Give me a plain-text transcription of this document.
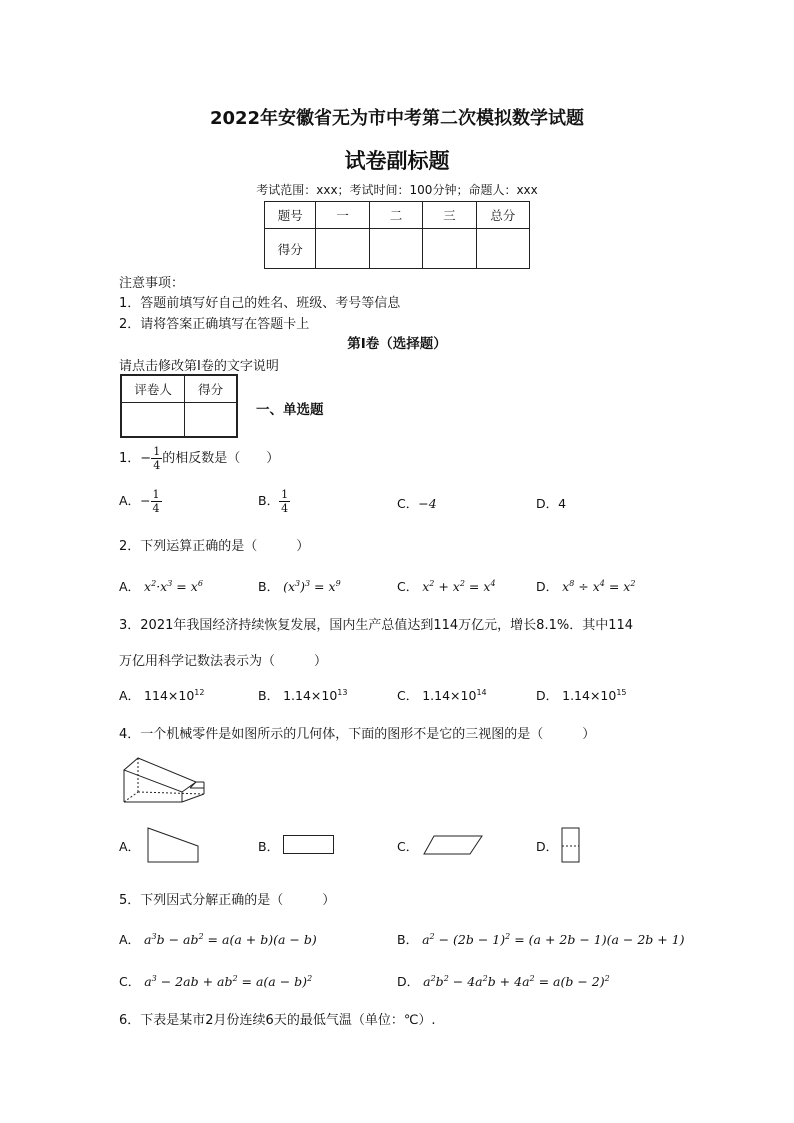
2022年安徽省无为市中考第二次模拟数学试题
试卷副标题
考试范围：xxx；考试时间：100分钟；命题人：xxx
题号	一	二	三	总分
得分				
注意事项：
1．答题前填写好自己的姓名、班级、考号等信息
2．请将答案正确填写在答题卡上
第I卷（选择题）
请点击修改第I卷的文字说明
评卷人	得分

一、单选题
1．− $\frac{1}{4}$ 的相反数是（　　）
A．− $\frac{1}{4}$	B． $\frac{1}{4}$	C．−4	D．4
2．下列运算正确的是（　　　）
A． $x^2\cdot x^3 = x^6$	B． $(x^3)^3 = x^9$	C． $x^2 + x^2 = x^4$	D． $x^8 \div x^4 = x^2$
3．2021年我国经济持续恢复发展，国内生产总值达到114万亿元，增长8.1%．其中114
万亿用科学记数法表示为（　　　）
A． $114\times 10^{12}$	B． $1.14\times 10^{13}$	C． $1.14\times 10^{14}$	D． $1.14\times 10^{15}$
4．一个机械零件是如图所示的几何体，下面的图形不是它的三视图的是（　　　）
A．	B．	C．	D．
5．下列因式分解正确的是（　　　）
A． $a^3b - ab^2 = a(a + b)(a - b)$	B． $a^2 - (2b - 1)^2 = (a + 2b - 1)(a - 2b + 1)$
C． $a^3 - 2ab + ab^2 = a(a - b)^2$	D． $a^2b^2 - 4a^2b + 4a^2 = a(b - 2)^2$
6．下表是某市2月份连续6天的最低气温（单位：℃）.
